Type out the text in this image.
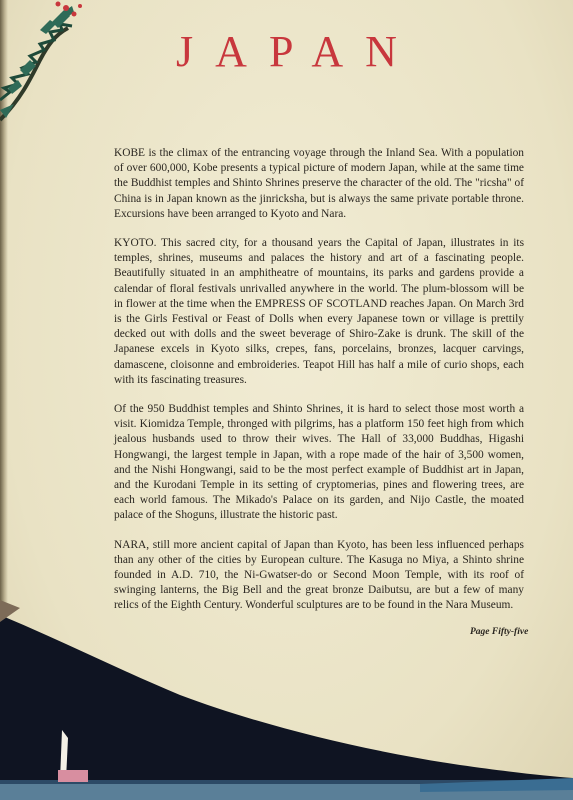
JAPAN

KOBE is the climax of the entrancing voyage through the Inland Sea. With a population of over 600,000, Kobe presents a typical picture of modern Japan, while at the same time the Buddhist temples and Shinto Shrines preserve the character of the old. The "ricsha" of China is in Japan known as the jinricksha, but is always the same private portable throne. Excursions have been arranged to Kyoto and Nara.

KYOTO. This sacred city, for a thousand years the Capital of Japan, illustrates in its temples, shrines, museums and palaces the history and art of a fascinating people. Beautifully situated in an amphitheatre of mountains, its parks and gardens provide a calendar of floral festivals unrivalled anywhere in the world. The plum-blossom will be in flower at the time when the EMPRESS OF SCOTLAND reaches Japan. On March 3rd is the Girls Festival or Feast of Dolls when every Japanese town or village is prettily decked out with dolls and the sweet beverage of Shiro-Zake is drunk. The skill of the Japanese excels in Kyoto silks, crepes, fans, porcelains, bronzes, lacquer carvings, damascene, cloisonne and embroideries. Teapot Hill has half a mile of curio shops, each with its fascinating treasures.

Of the 950 Buddhist temples and Shinto Shrines, it is hard to select those most worth a visit. Kiomidza Temple, thronged with pilgrims, has a platform 150 feet high from which jealous husbands used to throw their wives. The Hall of 33,000 Buddhas, Higashi Hongwangi, the largest temple in Japan, with a rope made of the hair of 3,500 women, and the Nishi Hongwangi, said to be the most perfect example of Buddhist art in Japan, and the Kurodani Temple in its setting of cryptomerias, pines and flowering trees, are each world famous. The Mikado's Palace on its garden, and Nijo Castle, the moated palace of the Shoguns, illustrate the historic past.

NARA, still more ancient capital of Japan than Kyoto, has been less influenced perhaps than any other of the cities by European culture. The Kasuga no Miya, a Shinto shrine founded in A.D. 710, the Ni-Gwatser-do or Second Moon Temple, with its roof of swinging lanterns, the Big Bell and the great bronze Daibutsu, are but a few of many relics of the Eighth Century. Wonderful sculptures are to be found in the Nara Museum.

Page Fifty-five
